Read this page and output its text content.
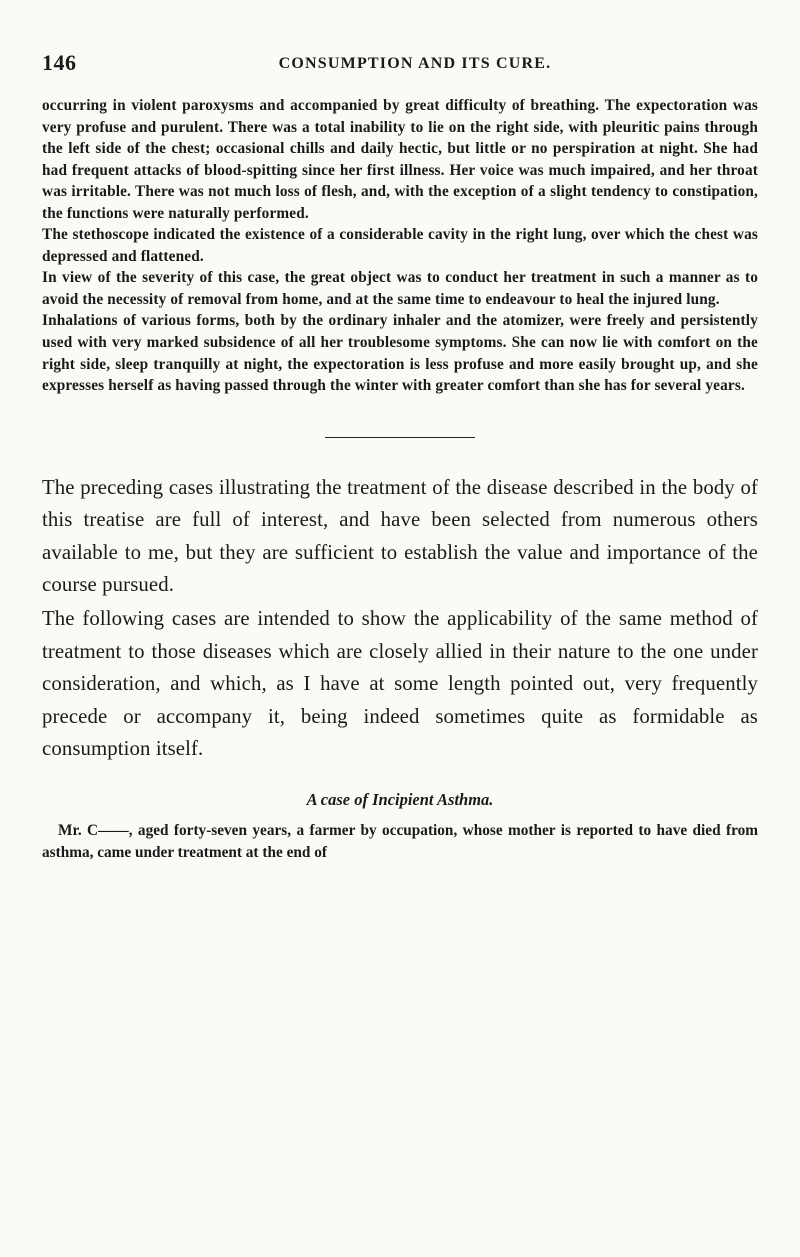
146	CONSUMPTION AND ITS CURE.

occurring in violent paroxysms and accompanied by great difficulty of breathing. The expectoration was very profuse and purulent. There was a total inability to lie on the right side, with pleuritic pains through the left side of the chest; occasional chills and daily hectic, but little or no perspiration at night. She had had frequent attacks of blood-spitting since her first illness. Her voice was much impaired, and her throat was irritable. There was not much loss of flesh, and, with the exception of a slight tendency to constipation, the functions were naturally performed.

The stethoscope indicated the existence of a considerable cavity in the right lung, over which the chest was depressed and flattened.

In view of the severity of this case, the great object was to conduct her treatment in such a manner as to avoid the necessity of removal from home, and at the same time to endeavour to heal the injured lung.

Inhalations of various forms, both by the ordinary inhaler and the atomizer, were freely and persistently used with very marked subsidence of all her troublesome symptoms. She can now lie with comfort on the right side, sleep tranquilly at night, the expectoration is less profuse and more easily brought up, and she expresses herself as having passed through the winter with greater comfort than she has for several years.

The preceding cases illustrating the treatment of the disease described in the body of this treatise are full of interest, and have been selected from numerous others available to me, but they are sufficient to establish the value and importance of the course pursued.

The following cases are intended to show the applicability of the same method of treatment to those diseases which are closely allied in their nature to the one under consideration, and which, as I have at some length pointed out, very frequently precede or accompany it, being indeed sometimes quite as formidable as consumption itself.

A case of Incipient Asthma.

Mr. C——, aged forty-seven years, a farmer by occupation, whose mother is reported to have died from asthma, came under treatment at the end of
